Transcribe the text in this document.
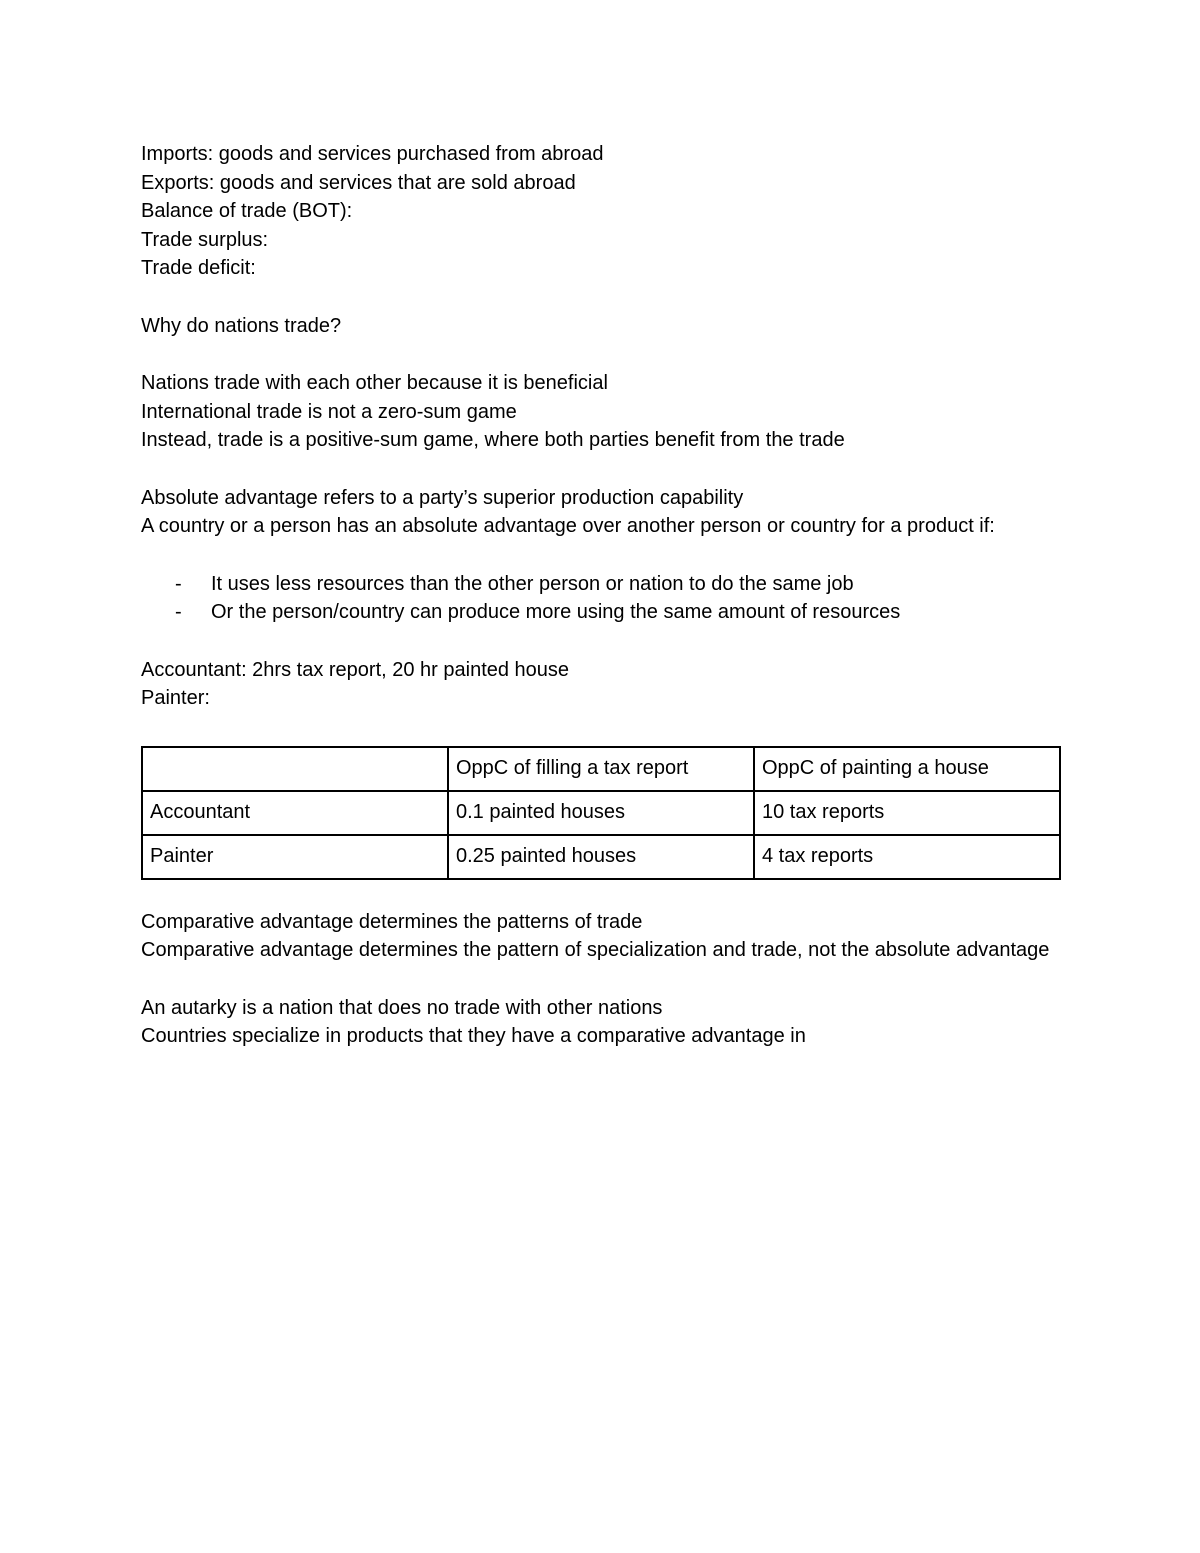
Imports: goods and services purchased from abroad
Exports: goods and services that are sold abroad
Balance of trade (BOT):
Trade surplus:
Trade deficit:
Why do nations trade?
Nations trade with each other because it is beneficial
International trade is not a zero-sum game
Instead, trade is a positive-sum game, where both parties benefit from the trade
Absolute advantage refers to a party’s superior production capability
A country or a person has an absolute advantage over another person or country for a product if:
- It uses less resources than the other person or nation to do the same job
- Or the person/country can produce more using the same amount of resources
Accountant: 2hrs tax report, 20 hr painted house
Painter:
	OppC of filling a tax report	OppC of painting a house
Accountant	0.1 painted houses	10 tax reports
Painter	0.25 painted houses	4 tax reports
Comparative advantage determines the patterns of trade
Comparative advantage determines the pattern of specialization and trade, not the absolute advantage
An autarky is a nation that does no trade with other nations
Countries specialize in products that they have a comparative advantage in
